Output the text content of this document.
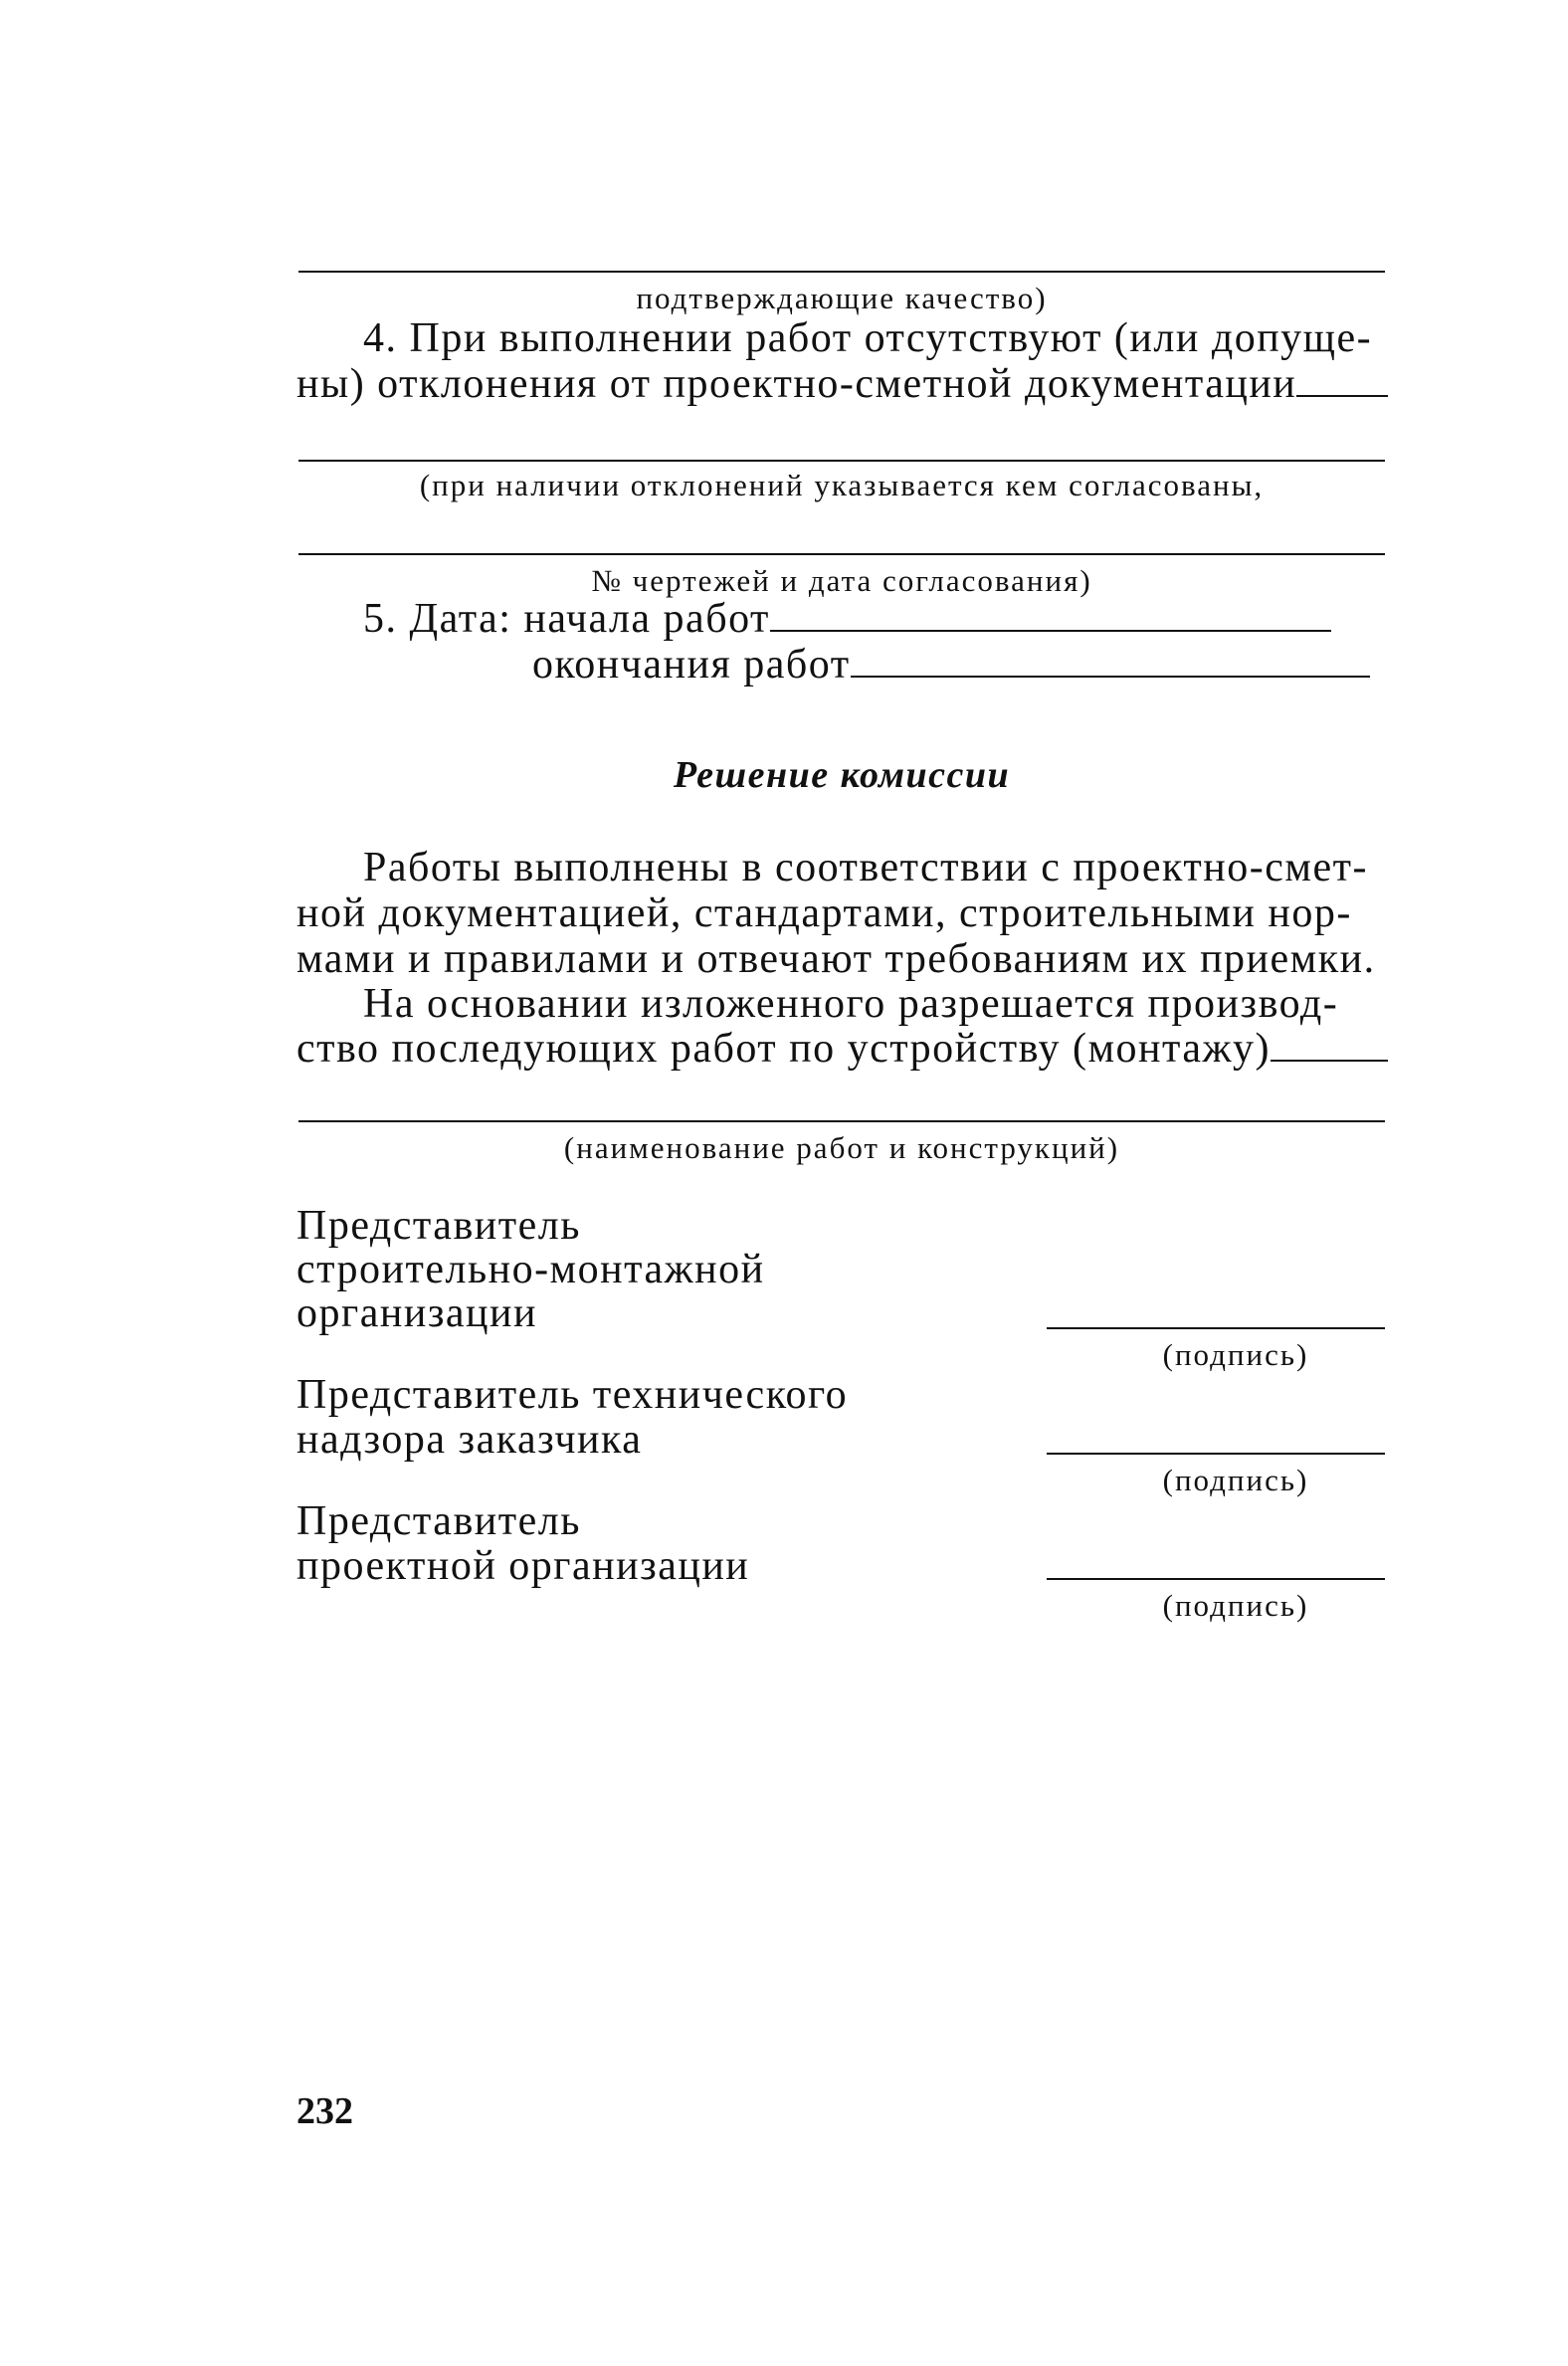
подтверждающие качество)
4. При выполнении работ отсутствуют (или допуще-
ны) отклонения от проектно-сметной документации
(при наличии отклонений указывается кем согласованы,
№ чертежей и дата согласования)
5. Дата: начала работ
окончания работ
Решение комиссии
Работы выполнены в соответствии с проектно-смет-
ной документацией, стандартами, строительными нор-
мами и правилами и отвечают требованиям их приемки.
На основании изложенного разрешается производ-
ство последующих работ по устройству (монтажу)
(наименование работ и конструкций)
Представитель
строительно-монтажной
организации
(подпись)
Представитель технического
надзора заказчика
(подпись)
Представитель
проектной организации
(подпись)
232
